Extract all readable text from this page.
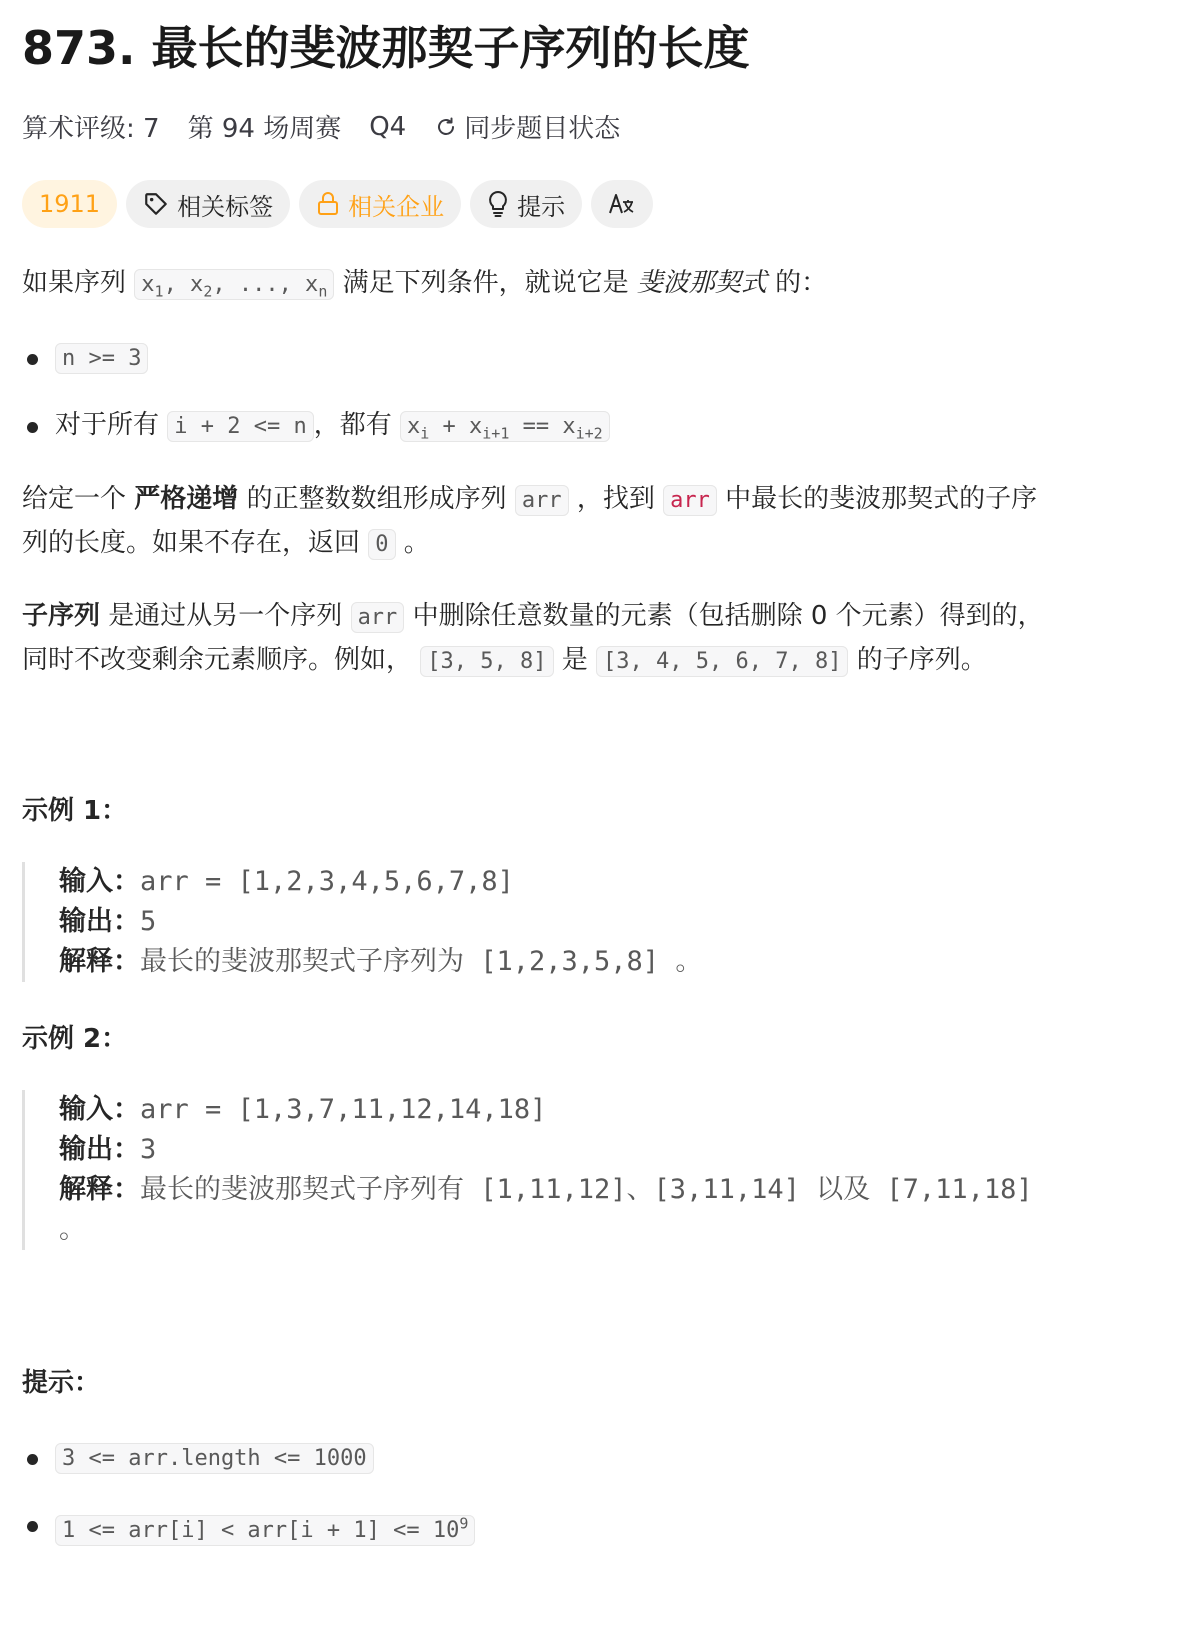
873. 最长的斐波那契子序列的长度
算术评级: 7 第 94 场周赛 Q4 同步题目状态
1911	相关标签	相关企业	提示
如果序列 $x_1$, $x_2$, ..., $x_n$ 满足下列条件，就说它是 斐波那契式 的：
n >= 3
对于所有 i + 2 <= n ，都有 $x_i + x_{i+1} == x_{i+2}$
给定一个 严格递增 的正整数数组形成序列 arr ，找到 arr 中最长的斐波那契式的子序
列的长度。如果不存在，返回 0 。
子序列 是通过从另一个序列 arr 中删除任意数量的元素（包括删除 0 个元素）得到的，
同时不改变剩余元素顺序。例如， [3, 5, 8] 是 [3, 4, 5, 6, 7, 8] 的子序列。
示例 1：
输入：arr = [1,2,3,4,5,6,7,8]
输出：5
解释：最长的斐波那契式子序列为 [1,2,3,5,8] 。
示例 2：
输入：arr = [1,3,7,11,12,14,18]
输出：3
解释：最长的斐波那契式子序列有 [1,11,12]、[3,11,14] 以及 [7,11,18]
。
提示：
3 <= arr.length <= 1000
$1 <= arr[i] < arr[i + 1] <= 10^9$
